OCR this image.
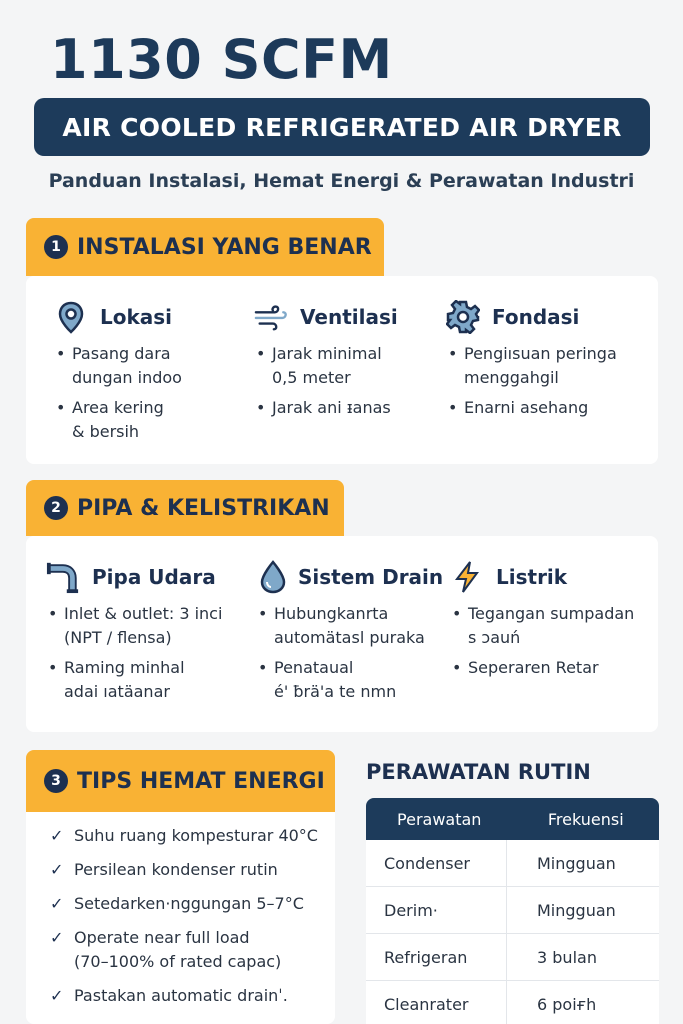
1130 SCFM
AIR COOLED REFRIGERATED AIR DRYER
Panduan Instalasi, Hemat Energi & Perawatan Industri
1 INSTALASI YANG BENAR
Lokasi
• Pasang dara
dungan indoo
• Area kering
& bersih
Ventilasi
• Jarak minimal
0,5 meter
• Jarak ani ᵻanas
Fondasi
• Pengiısuan peringa
menggahgil
• Enarni asehang
2 PIPA & KELISTRIKAN
Pipa Udara
• Inlet & outlet: 3 inci
(NPT / flensa)
• Raming minhal
adai ıatäanar
Sistem Drain
• Hubungkanrta
automätasl puraka
• Penataual
é' ƀrä'a te nmn
Listrik
• Tegangan sumpadan
s ɔauń
• Seperaren Retar
3 TIPS HEMAT ENERGI
✓ Suhu ruang kompesturar 40°C
✓ Persilean kondenser rutin
✓ Setedarken·nggungan 5–7°C
✓ Operate near full load
(70–100% of rated capac)
✓ Pastakan automatic drainˈ.
PERAWATAN RUTIN
Perawatan	Frekuensi
Condenser	Mingguan
Derim·	Mingguan
Refrigeran	3 bulan
Cleanrater	6 poiғh
